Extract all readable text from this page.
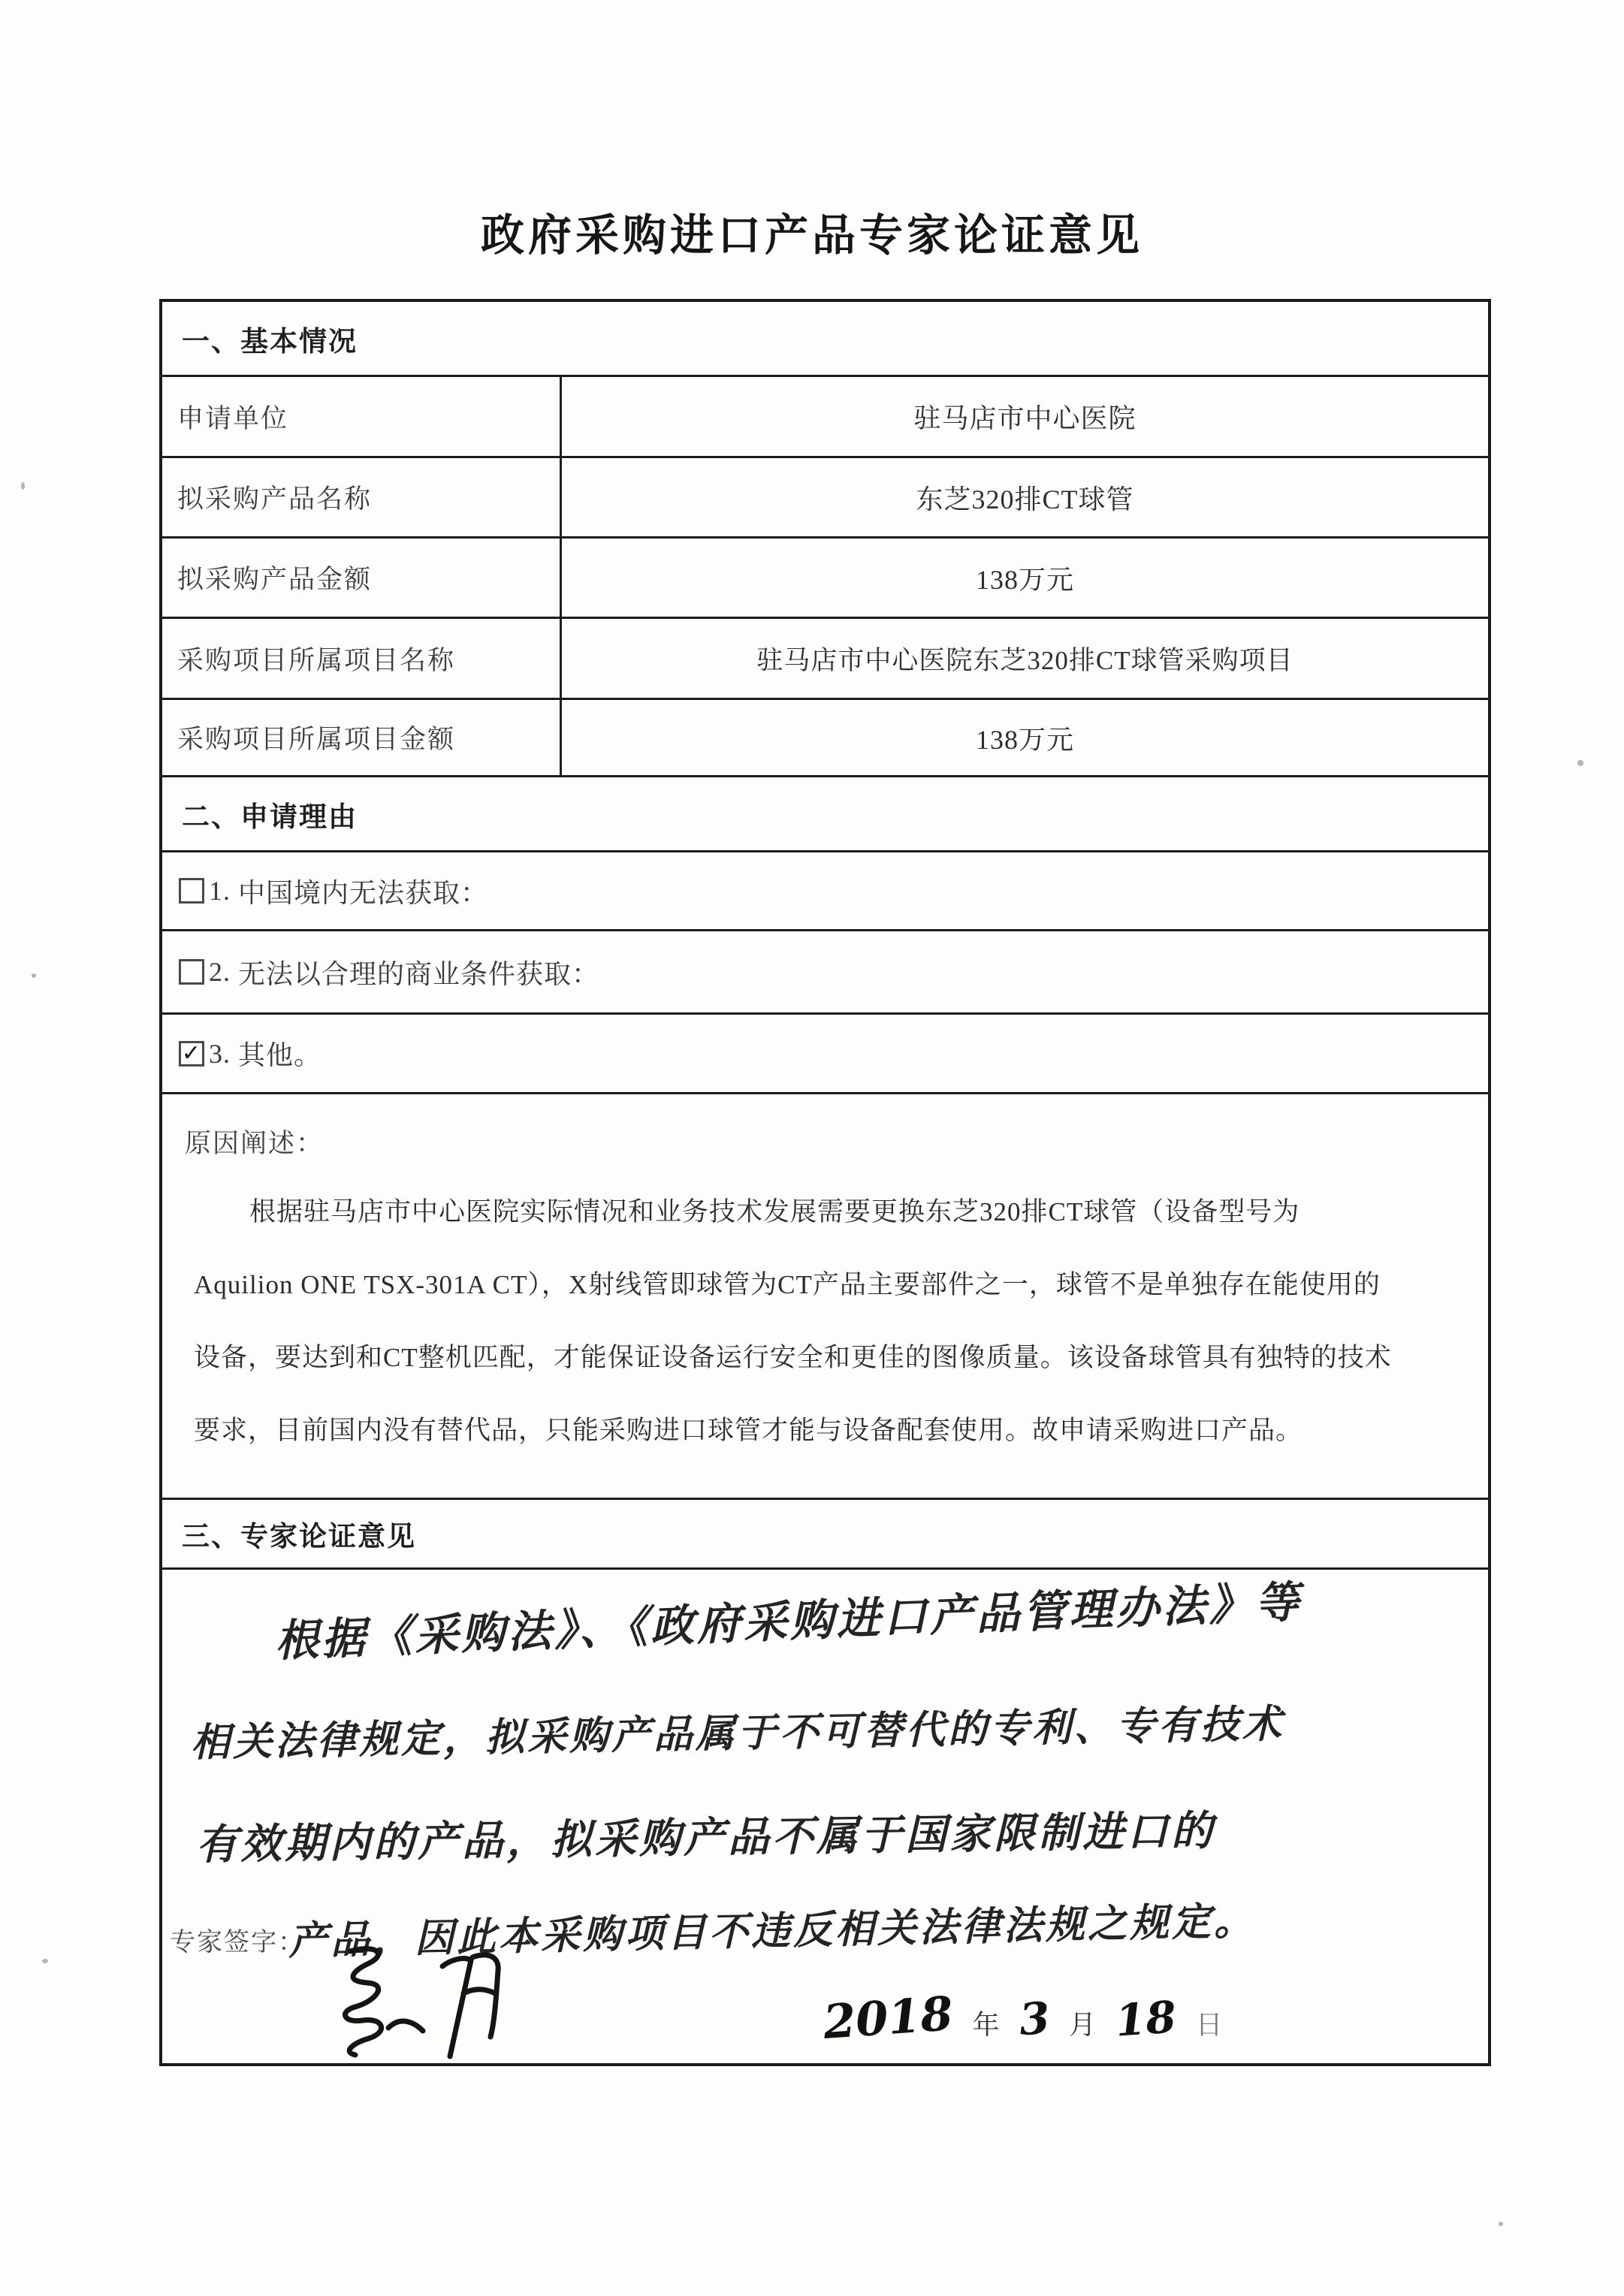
政府采购进口产品专家论证意见
一、基本情况
申请单位	驻马店市中心医院
拟采购产品名称	东芝320排CT球管
拟采购产品金额	138万元
采购项目所属项目名称	驻马店市中心医院东芝320排CT球管采购项目
采购项目所属项目金额	138万元
二、申请理由
1. 中国境内无法获取：
2. 无法以合理的商业条件获取：
✓ 3. 其他。
原因阐述：
根据驻马店市中心医院实际情况和业务技术发展需要更换东芝320排CT球管（设备型号为
Aquilion ONE TSX-301A CT），X射线管即球管为CT产品主要部件之一，球管不是单独存在能使用的
设备，要达到和CT整机匹配，才能保证设备运行安全和更佳的图像质量。该设备球管具有独特的技术
要求，目前国内没有替代品，只能采购进口球管才能与设备配套使用。故申请采购进口产品。
三、专家论证意见
根据《采购法》、《政府采购进口产品管理办法》等
相关法律规定，拟采购产品属于不可替代的专利、专有技术
有效期内的产品，拟采购产品不属于国家限制进口的
产品，因此本采购项目不违反相关法律法规之规定。
专家签字：
2018 年 3 月 18 日
